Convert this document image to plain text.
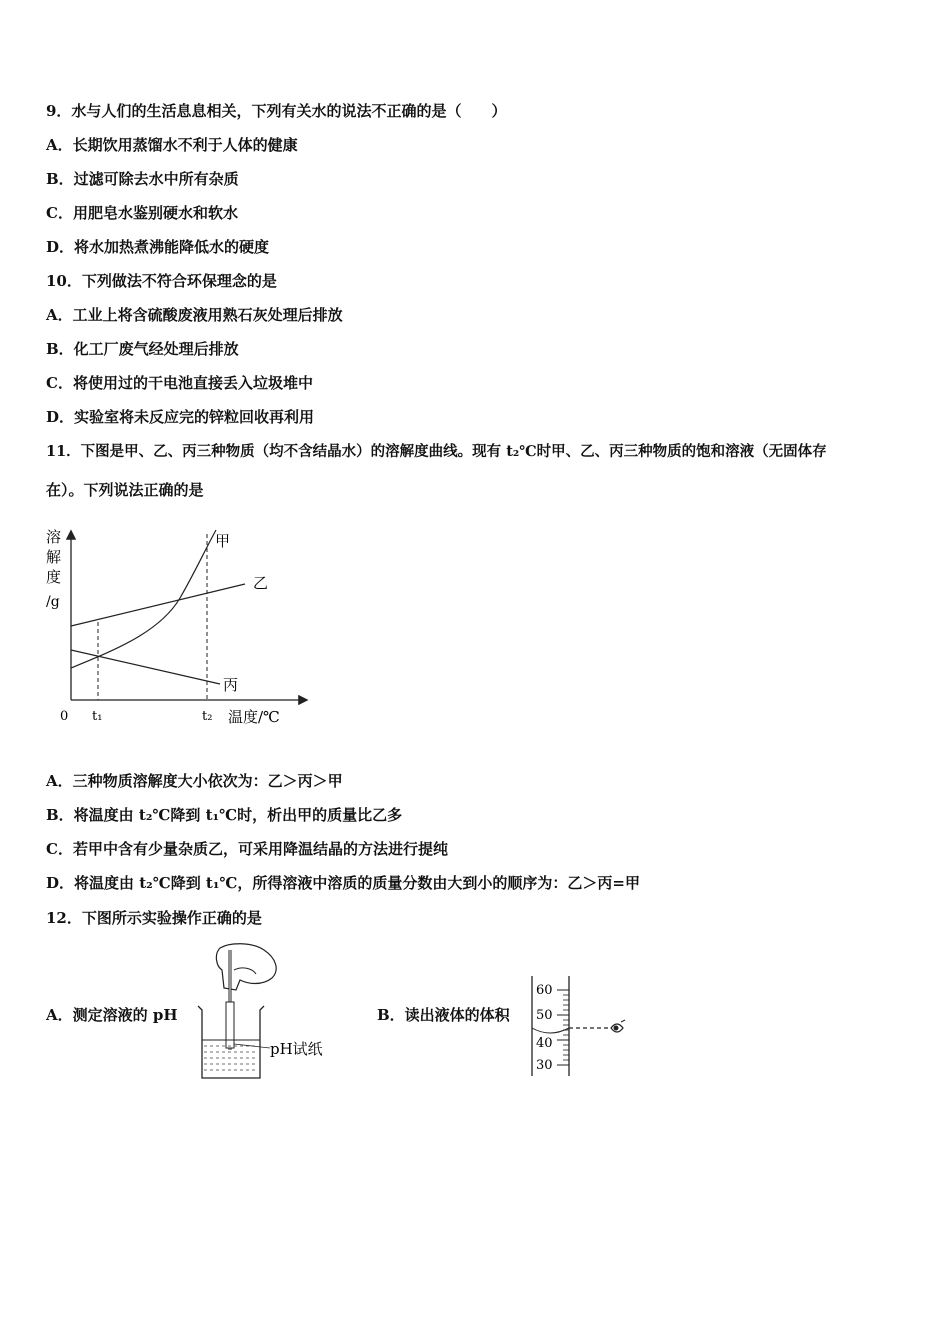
9．水与人们的生活息息相关，下列有关水的说法不正确的是（　　）
A．长期饮用蒸馏水不利于人体的健康
B．过滤可除去水中所有杂质
C．用肥皂水鉴别硬水和软水
D．将水加热煮沸能降低水的硬度
10．下列做法不符合环保理念的是
A．工业上将含硫酸废液用熟石灰处理后排放
B．化工厂废气经处理后排放
C．将使用过的干电池直接丢入垃圾堆中
D．实验室将未反应完的锌粒回收再利用
11．下图是甲、乙、丙三种物质（均不含结晶水）的溶解度曲线。现有 t₂℃时甲、乙、丙三种物质的饱和溶液（无固体存
在）。下列说法正确的是
溶
解
度
/g
甲
乙
丙
0 t₁	t₂ 温度/℃
A．三种物质溶解度大小依次为：乙＞丙＞甲
B．将温度由 t₂℃降到 t₁℃时，析出甲的质量比乙多
C．若甲中含有少量杂质乙，可采用降温结晶的方法进行提纯
D．将温度由 t₂℃降到 t₁℃，所得溶液中溶质的质量分数由大到小的顺序为：乙＞丙=甲
12．下图所示实验操作正确的是
A．测定溶液的 pH
pH试纸
B．读出液体的体积
60
50
40
30
